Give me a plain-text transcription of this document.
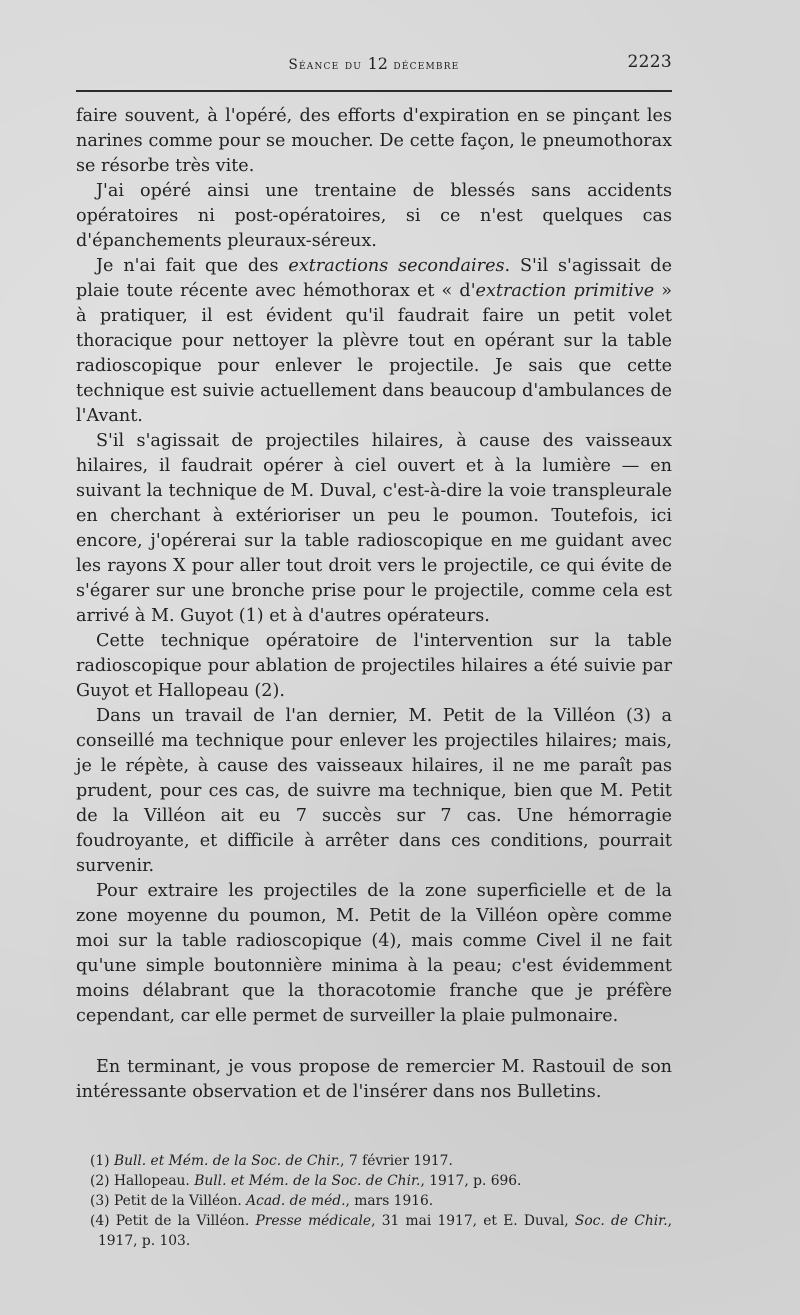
Séance du 12 décembre	2223

faire souvent, à l'opéré, des efforts d'expiration en se pinçant les narines comme pour se moucher. De cette façon, le pneumothorax se résorbe très vite.

J'ai opéré ainsi une trentaine de blessés sans accidents opératoires ni post-opératoires, si ce n'est quelques cas d'épanchements pleuraux-séreux.

Je n'ai fait que des extractions secondaires. S'il s'agissait de plaie toute récente avec hémothorax et « d'extraction primitive » à pratiquer, il est évident qu'il faudrait faire un petit volet thoracique pour nettoyer la plèvre tout en opérant sur la table radioscopique pour enlever le projectile. Je sais que cette technique est suivie actuellement dans beaucoup d'ambulances de l'Avant.

S'il s'agissait de projectiles hilaires, à cause des vaisseaux hilaires, il faudrait opérer à ciel ouvert et à la lumière — en suivant la technique de M. Duval, c'est-à-dire la voie transpleurale en cherchant à extérioriser un peu le poumon. Toutefois, ici encore, j'opérerai sur la table radioscopique en me guidant avec les rayons X pour aller tout droit vers le projectile, ce qui évite de s'égarer sur une bronche prise pour le projectile, comme cela est arrivé à M. Guyot (1) et à d'autres opérateurs.

Cette technique opératoire de l'intervention sur la table radioscopique pour ablation de projectiles hilaires a été suivie par Guyot et Hallopeau (2).

Dans un travail de l'an dernier, M. Petit de la Villéon (3) a conseillé ma technique pour enlever les projectiles hilaires; mais, je le répète, à cause des vaisseaux hilaires, il ne me paraît pas prudent, pour ces cas, de suivre ma technique, bien que M. Petit de la Villéon ait eu 7 succès sur 7 cas. Une hémorragie foudroyante, et difficile à arrêter dans ces conditions, pourrait survenir.

Pour extraire les projectiles de la zone superficielle et de la zone moyenne du poumon, M. Petit de la Villéon opère comme moi sur la table radioscopique (4), mais comme Civel il ne fait qu'une simple boutonnière minima à la peau; c'est évidemment moins délabrant que la thoracotomie franche que je préfère cependant, car elle permet de surveiller la plaie pulmonaire.

En terminant, je vous propose de remercier M. Rastouil de son intéressante observation et de l'insérer dans nos Bulletins.

(1) Bull. et Mém. de la Soc. de Chir., 7 février 1917.

(2) Hallopeau. Bull. et Mém. de la Soc. de Chir., 1917, p. 696.

(3) Petit de la Villéon. Acad. de méd., mars 1916.

(4) Petit de la Villéon. Presse médicale, 31 mai 1917, et E. Duval, Soc. de Chir., 1917, p. 103.
